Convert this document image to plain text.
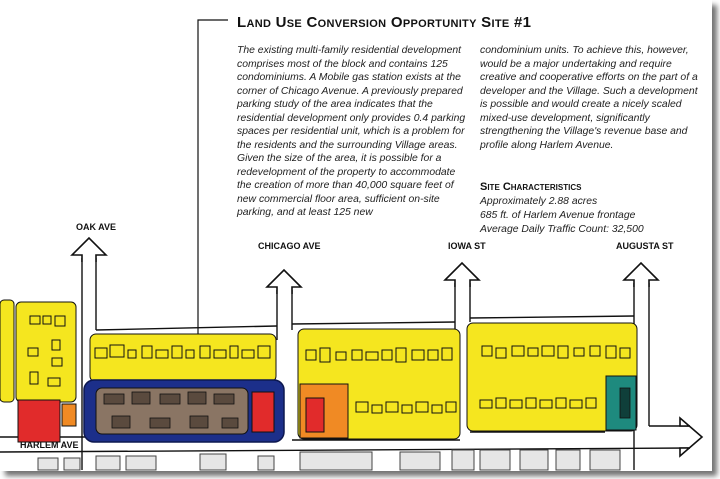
Land Use Conversion Opportunity Site #1
The existing multi-family residential development comprises most of the block and contains 125 condominiums. A Mobile gas station exists at the corner of Chicago Avenue. A previously prepared parking study of the area indicates that the residential development only provides 0.4 parking spaces per residential unit, which is a problem for the residents and the surrounding Village areas. Given the size of the area, it is possible for a redevelopment of the property to accommodate the creation of more than 40,000 square feet of new commercial floor area, sufficient on-site parking, and at least 125 new
condominium units. To achieve this, however, would be a major undertaking and require creative and cooperative efforts on the part of a developer and the Village. Such a development is possible and would create a nicely scaled mixed-use development, significantly strengthening the Village's revenue base and profile along Harlem Avenue.
Site Characteristics
Approximately 2.88 acres
685 ft. of Harlem Avenue frontage
Average Daily Traffic Count: 32,500
OAK AVE
CHICAGO AVE	IOWA ST	AUGUSTA ST
HARLEM AVE
